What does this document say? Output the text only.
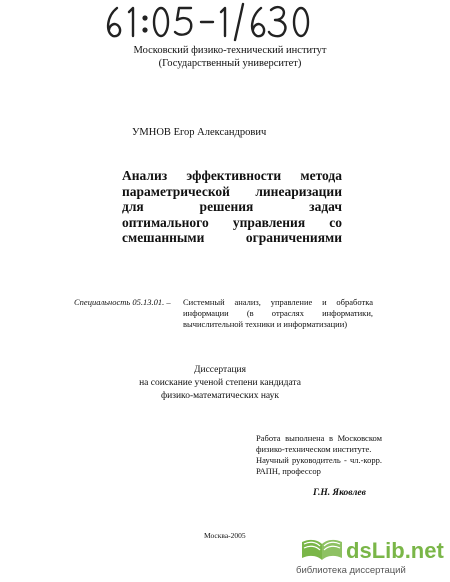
Московский физико-технический институт
(Государственный университет)
УМНОВ Егор Александрович
Анализ эффективности метода
параметрической линеаризации
для решения задач
оптимального управления со
смешанными ограничениями
Специальность 05.13.01. – Системный анализ, управление и обработка
информации (в отраслях информатики,
вычислительной техники и информатизации)
Диссертация
на соискание ученой степени кандидата
физико-математических наук
Работа выполнена в Московском
физико-техническом институте.
Научный руководитель - чл.-корр.
РАПН, профессор
Г.Н. Яковлев
Москва-2005
dsLib.net
библиотека диссертаций
